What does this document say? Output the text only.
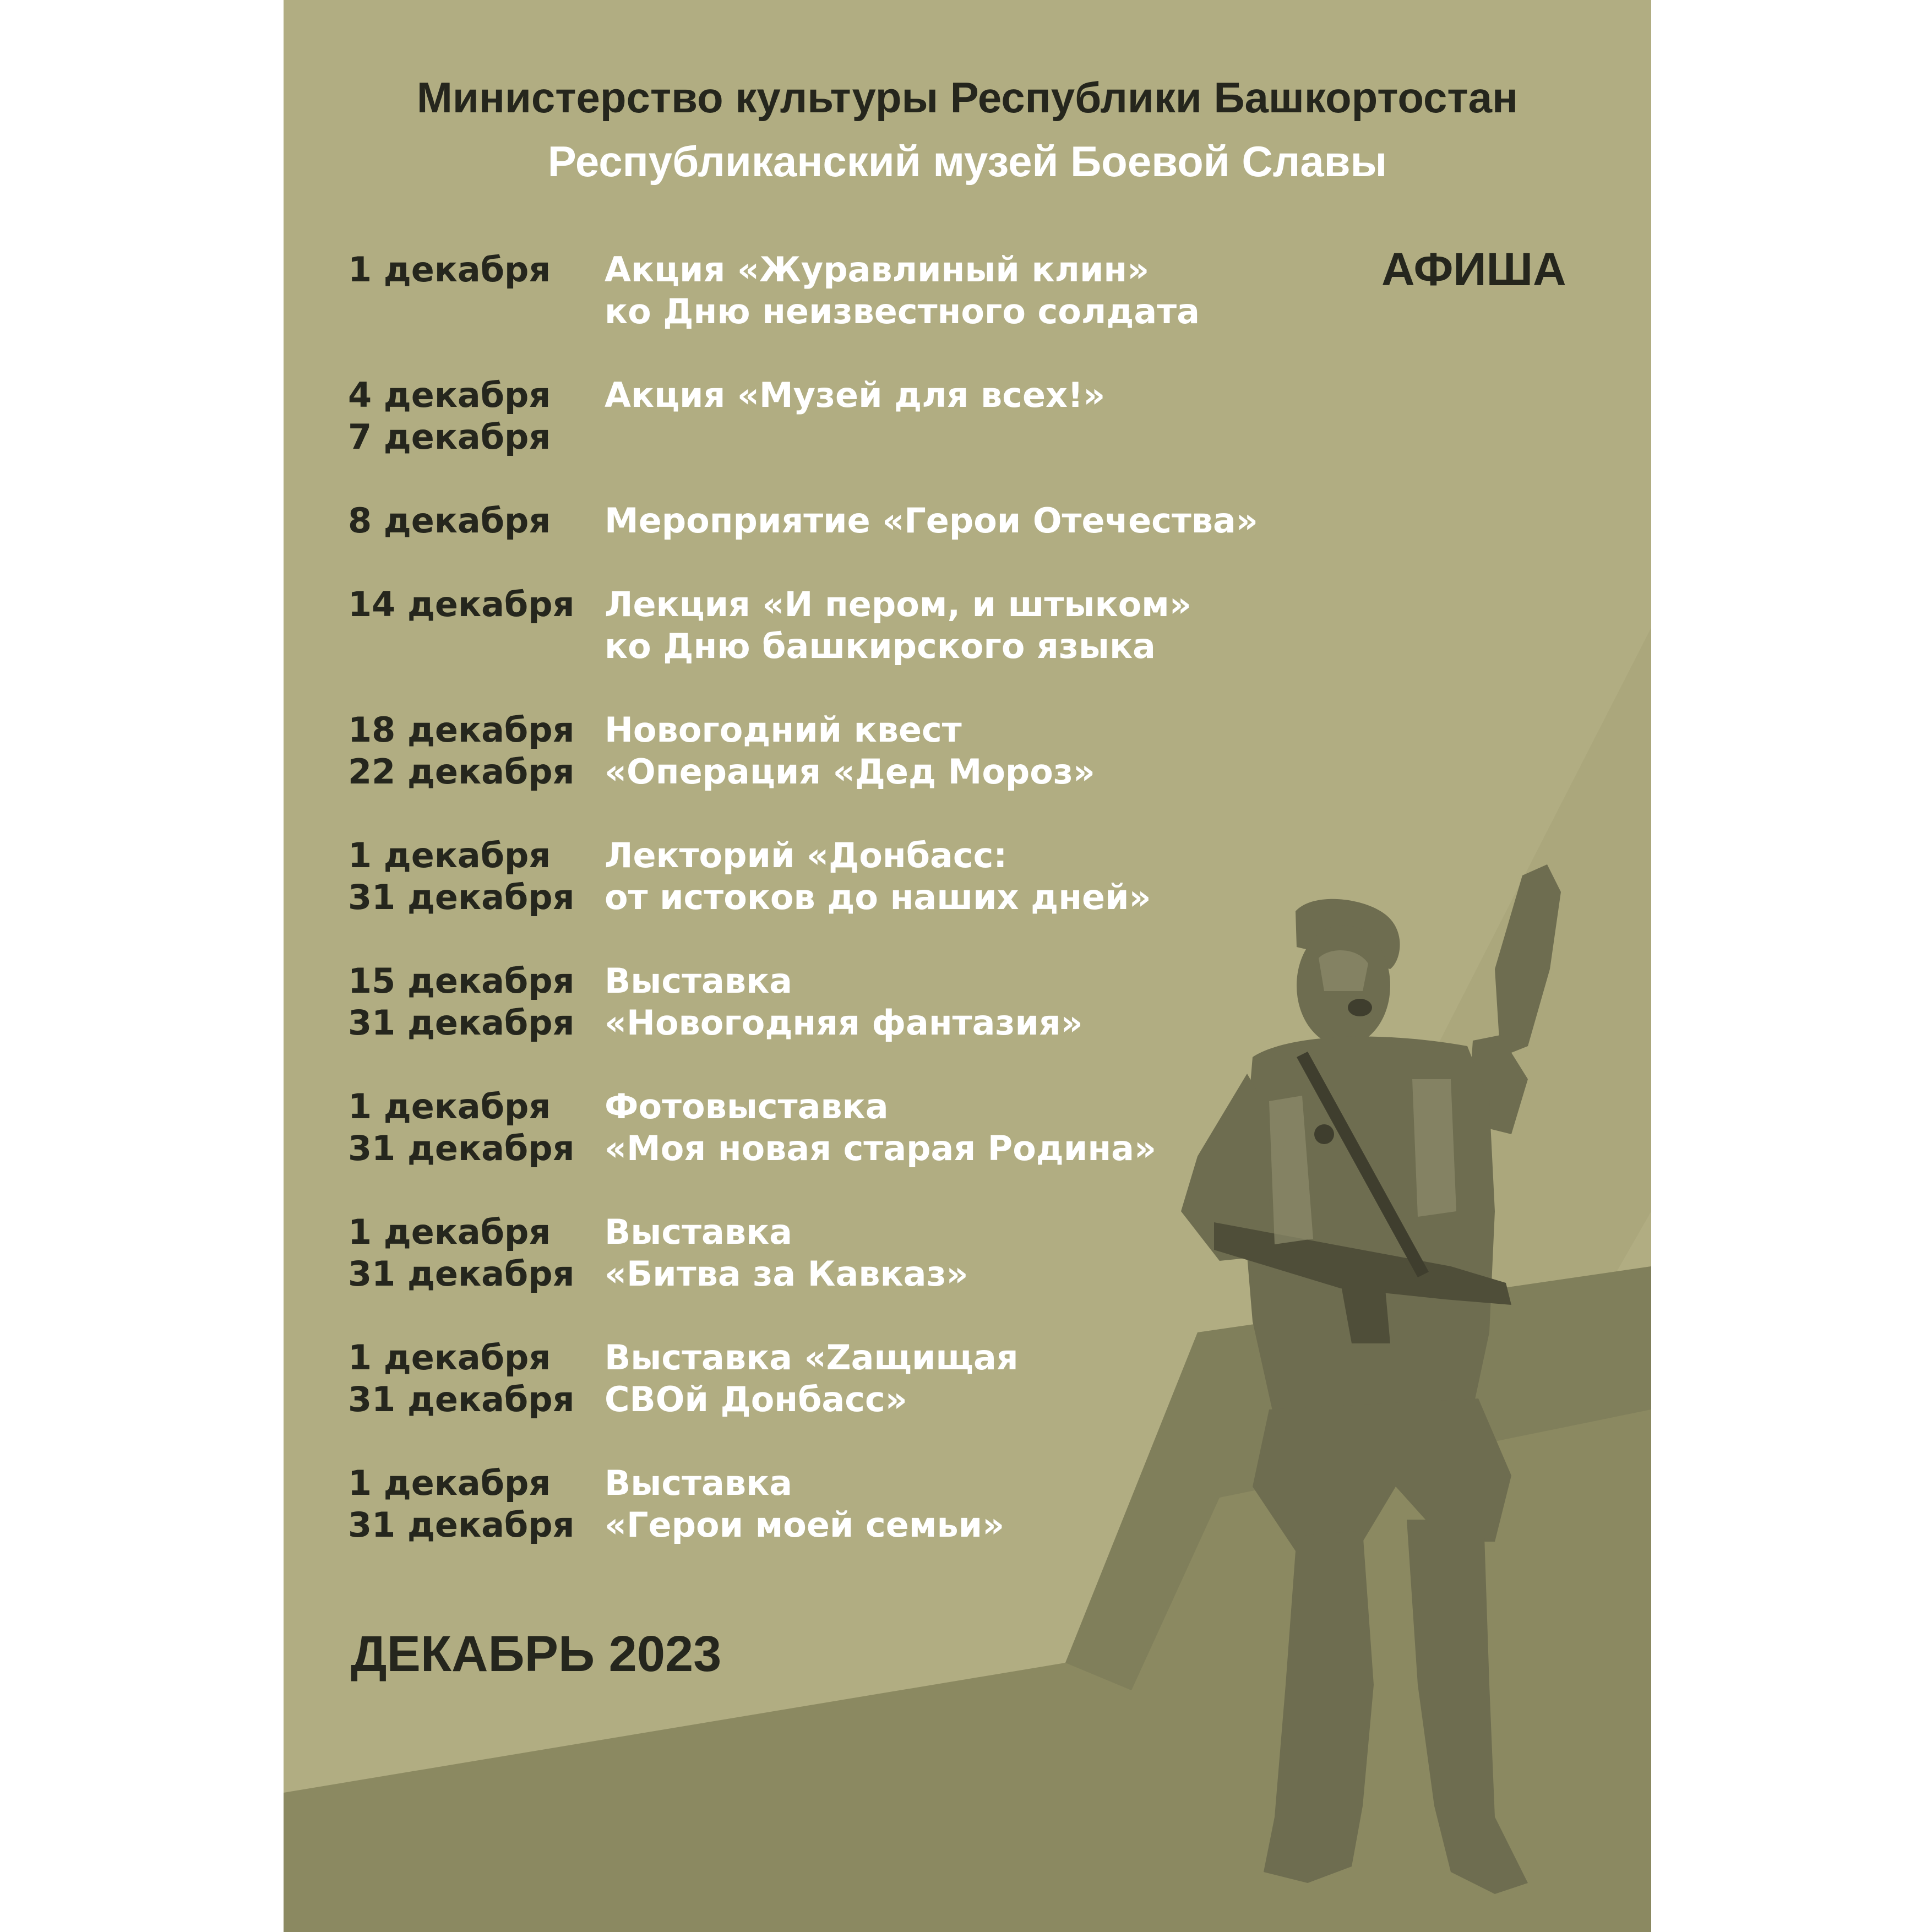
Министерство культуры Республики Башкортостан
Республиканский музей Боевой Славы
АФИША
1 декабря	Акция «Журавлиный клин»
ко Дню неизвестного солдата
4 декабря
7 декабря
Акция «Музей для всех!»
8 декабря	Мероприятие «Герои Отечества»
14 декабря Лекция «И пером, и штыком»
ко Дню башкирского языка
18 декабря
22 декабря
Новогодний квест
«Операция «Дед Мороз»
1 декабря
31 декабря
Лекторий «Донбасс:
от истоков до наших дней»
15 декабря
31 декабря
Выставка
«Новогодняя фантазия»
1 декабря
31 декабря
Фотовыставка
«Моя новая старая Родина»
1 декабря
31 декабря
Выставка
«Битва за Кавказ»
1 декабря
31 декабря
Выставка «Zащищая
СВОй Донбасс»
1 декабря
31 декабря
Выставка
«Герои моей семьи»
ДЕКАБРЬ 2023
